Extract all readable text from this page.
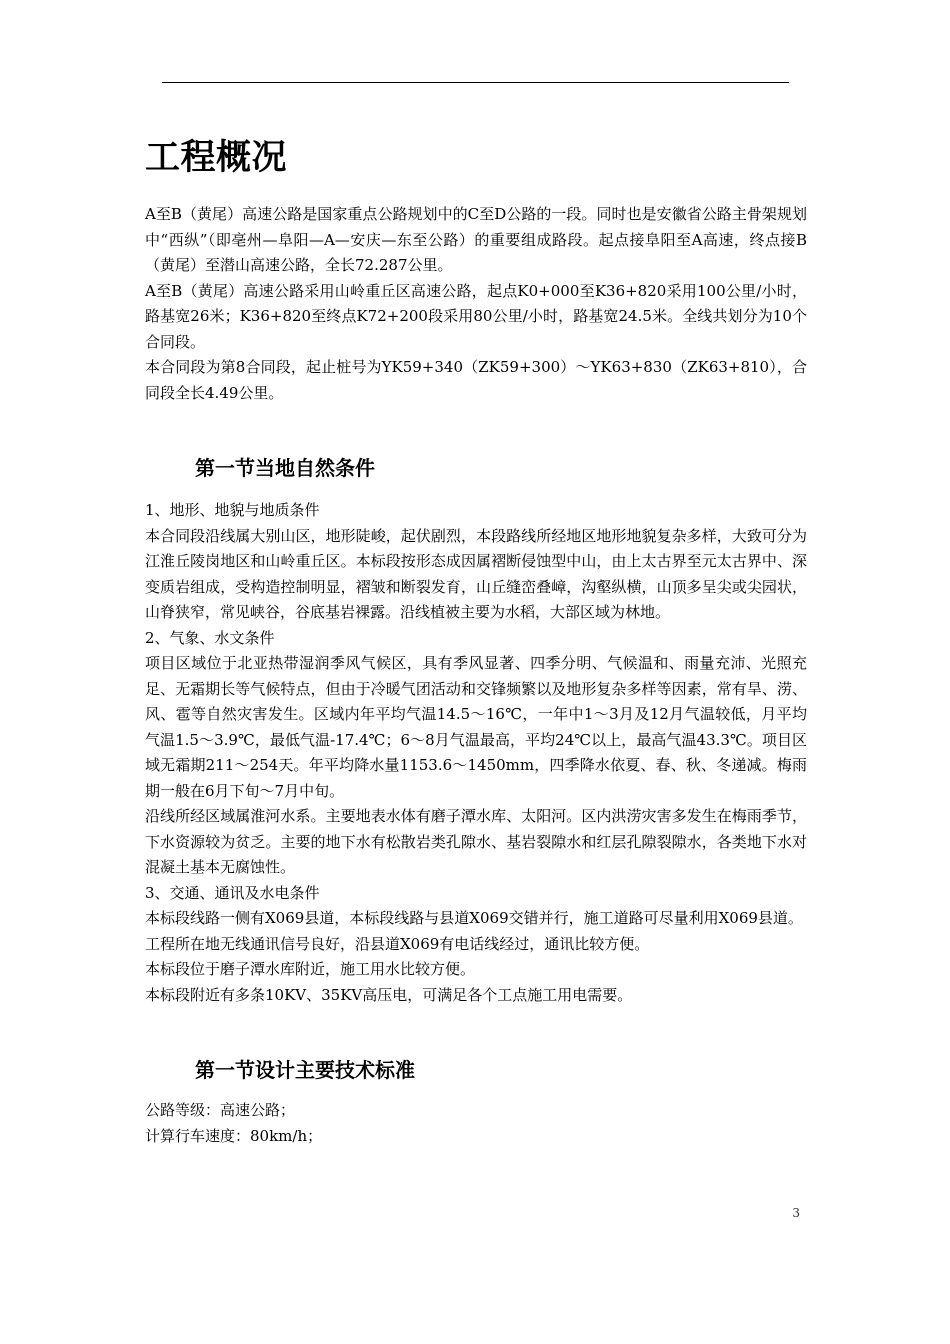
工程概况

A至B（黄尾）高速公路是国家重点公路规划中的C至D公路的一段。同时也是安徽省公路主骨架规划中“西纵”（即亳州—阜阳—A—安庆—东至公路）的重要组成路段。起点接阜阳至A高速，终点接B（黄尾）至潜山高速公路，全长72.287公里。

A至B（黄尾）高速公路采用山岭重丘区高速公路，起点K0+000至K36+820采用100公里/小时，路基宽26米；K36+820至终点K72+200段采用80公里/小时，路基宽24.5米。全线共划分为10个合同段。

本合同段为第8合同段，起止桩号为YK59+340（ZK59+300）～YK63+830（ZK63+810），合同段全长4.49公里。

第一节当地自然条件

1、地形、地貌与地质条件

本合同段沿线属大别山区，地形陡峻，起伏剧烈，本段路线所经地区地形地貌复杂多样，大致可分为江淮丘陵岗地区和山岭重丘区。本标段按形态成因属褶断侵蚀型中山，由上太古界至元太古界中、深变质岩组成，受构造控制明显，褶皱和断裂发育，山丘缝峦叠嶂，沟壑纵横，山顶多呈尖或尖园状，山脊狭窄，常见峡谷，谷底基岩裸露。沿线植被主要为水稻，大部区域为林地。

2、气象、水文条件

项目区域位于北亚热带湿润季风气候区，具有季风显著、四季分明、气候温和、雨量充沛、光照充足、无霜期长等气候特点，但由于冷暖气团活动和交锋频繁以及地形复杂多样等因素，常有旱、涝、风、雹等自然灾害发生。区域内年平均气温14.5～16℃，一年中1～3月及12月气温较低，月平均气温1.5～3.9℃，最低气温-17.4℃；6～8月气温最高，平均24℃以上，最高气温43.3℃。项目区域无霜期211～254天。年平均降水量1153.6～1450mm，四季降水依夏、春、秋、冬递减。梅雨期一般在6月下旬～7月中旬。

沿线所经区域属淮河水系。主要地表水体有磨子潭水库、太阳河。区内洪涝灾害多发生在梅雨季节，下水资源较为贫乏。主要的地下水有松散岩类孔隙水、基岩裂隙水和红层孔隙裂隙水，各类地下水对混凝土基本无腐蚀性。

3、交通、通讯及水电条件

本标段线路一侧有X069县道，本标段线路与县道X069交错并行，施工道路可尽量利用X069县道。

工程所在地无线通讯信号良好，沿县道X069有电话线经过，通讯比较方便。

本标段位于磨子潭水库附近，施工用水比较方便。

本标段附近有多条10KV、35KV高压电，可满足各个工点施工用电需要。

第一节设计主要技术标准

公路等级：高速公路；

计算行车速度：80km/h；

3
